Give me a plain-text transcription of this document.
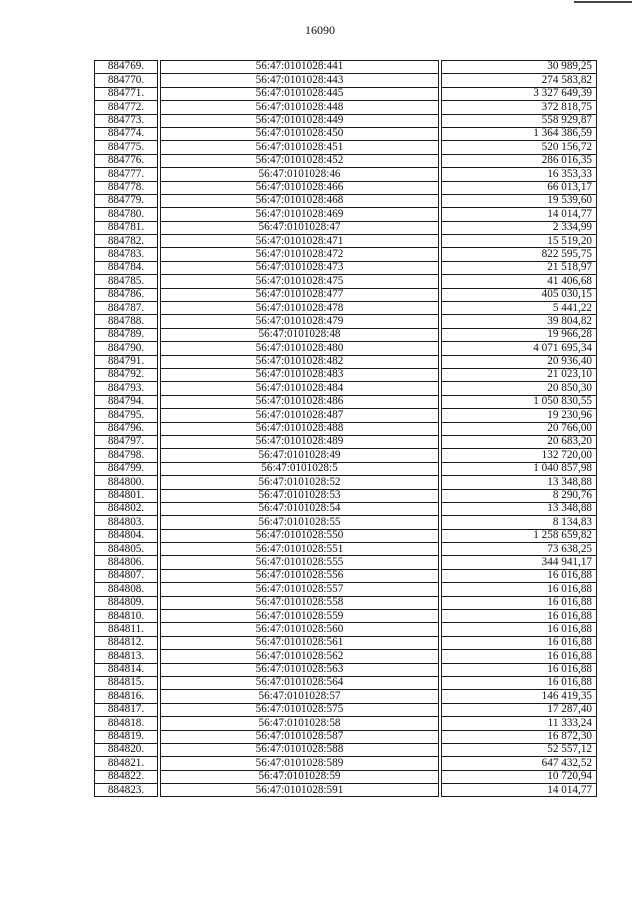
16090
884769.		56:47:0101028:441		30 989,25
884770.		56:47:0101028:443		274 583,82
884771.		56:47:0101028:445		3 327 649,39
884772.		56:47:0101028:448		372 818,75
884773.		56:47:0101028:449		558 929,87
884774.		56:47:0101028:450		1 364 386,59
884775.		56:47:0101028:451		520 156,72
884776.		56:47:0101028:452		286 016,35
884777.		56:47:0101028:46		16 353,33
884778.		56:47:0101028:466		66 013,17
884779.		56:47:0101028:468		19 539,60
884780.		56:47:0101028:469		14 014,77
884781.		56:47:0101028:47		2 334,99
884782.		56:47:0101028:471		15 519,20
884783.		56:47:0101028:472		822 595,75
884784.		56:47:0101028:473		21 518,97
884785.		56:47:0101028:475		41 406,68
884786.		56:47:0101028:477		405 030,15
884787.		56:47:0101028:478		5 441,22
884788.		56:47:0101028:479		39 804,82
884789.		56:47:0101028:48		19 966,28
884790.		56:47:0101028:480		4 071 695,34
884791.		56:47:0101028:482		20 936,40
884792.		56:47:0101028:483		21 023,10
884793.		56:47:0101028:484		20 850,30
884794.		56:47:0101028:486		1 050 830,55
884795.		56:47:0101028:487		19 230,96
884796.		56:47:0101028:488		20 766,00
884797.		56:47:0101028:489		20 683,20
884798.		56:47:0101028:49		132 720,00
884799.		56:47:0101028:5		1 040 857,98
884800.		56:47:0101028:52		13 348,88
884801.		56:47:0101028:53		8 290,76
884802.		56:47:0101028:54		13 348,88
884803.		56:47:0101028:55		8 134,83
884804.		56:47:0101028:550		1 258 659,82
884805.		56:47:0101028:551		73 638,25
884806.		56:47:0101028:555		344 941,17
884807.		56:47:0101028:556		16 016,88
884808.		56:47:0101028:557		16 016,88
884809.		56:47:0101028:558		16 016,88
884810.		56:47:0101028:559		16 016,88
884811.		56:47:0101028:560		16 016,88
884812.		56:47:0101028:561		16 016,88
884813.		56:47:0101028:562		16 016,88
884814.		56:47:0101028:563		16 016,88
884815.		56:47:0101028:564		16 016,88
884816.		56:47:0101028:57		146 419,35
884817.		56:47:0101028:575		17 287,40
884818.		56:47:0101028:58		11 333,24
884819.		56:47:0101028:587		16 872,30
884820.		56:47:0101028:588		52 557,12
884821.		56:47:0101028:589		647 432,52
884822.		56:47:0101028:59		10 720,94
884823.		56:47:0101028:591		14 014,77
